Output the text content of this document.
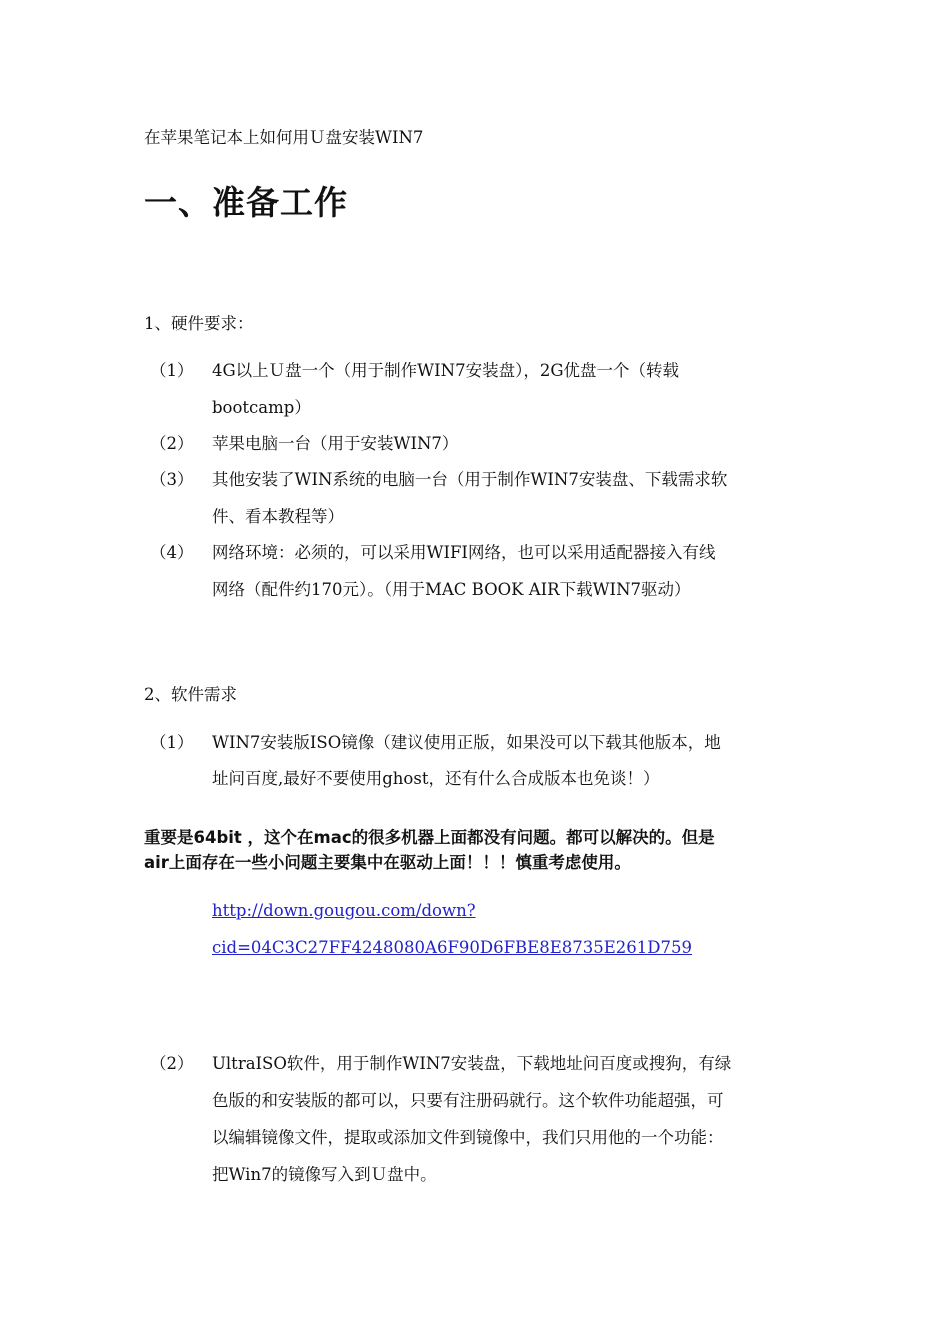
在苹果笔记本上如何用Ｕ盘安装WIN7
一、准备工作
1、硬件要求：
（1） 4G以上Ｕ盘一个（用于制作WIN7安装盘），2G优盘一个（转载
bootcamp）
（2） 苹果电脑一台（用于安装WIN7）
（3） 其他安装了WIN系统的电脑一台（用于制作WIN7安装盘、下载需求软
件、看本教程等）
（4） 网络环境：必须的，可以采用WIFI网络，也可以采用适配器接入有线
网络（配件约170元）。（用于MAC BOOK AIR下载WIN7驱动）
2、软件需求
（1） WIN7安装版ISO镜像（建议使用正版，如果没可以下载其他版本，地
址问百度,最好不要使用ghost，还有什么合成版本也免谈！）
重要是64bit ，这个在mac的很多机器上面都没有问题。都可以解决的。但是
air上面存在一些小问题主要集中在驱动上面！！！慎重考虑使用。
http://down.gougou.com/down?
cid=04C3C27FF4248080A6F90D6FBE8E8735E261D759
（2） UltraISO软件，用于制作WIN7安装盘，下载地址问百度或搜狗，有绿
色版的和安装版的都可以，只要有注册码就行。这个软件功能超强，可
以编辑镜像文件，提取或添加文件到镜像中，我们只用他的一个功能：
把Win7的镜像写入到Ｕ盘中。
